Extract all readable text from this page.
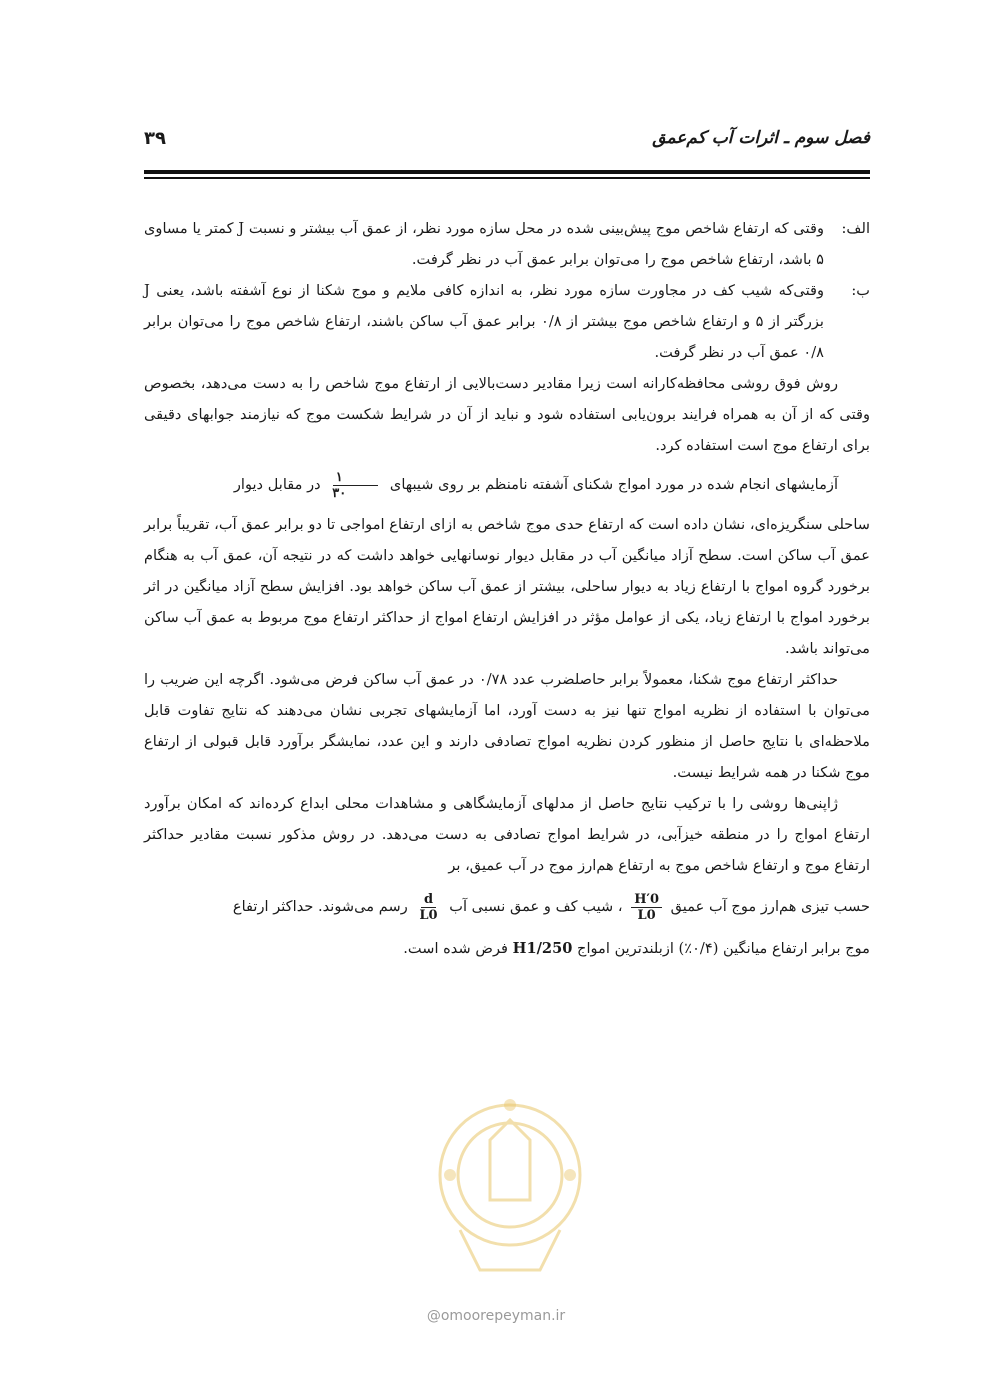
فصل سوم ـ اثرات آب کم‌عمق
۳۹
الف:
وقتی که ارتفاع شاخص موج پیش‌بینی شده در محل سازه مورد نظر، از عمق آب بیشتر و نسبت J کمتر یا مساوی ۵ باشد، ارتفاع شاخص موج را می‌توان برابر عمق آب در نظر گرفت.
ب:
وقتی‌که شیب کف در مجاورت سازه مورد نظر، به اندازه کافی ملایم و موج شکنا از نوع آشفته باشد، یعنی J بزرگتر از ۵ و ارتفاع شاخص موج بیشتر از ۰/۸ برابر عمق آب ساکن باشند، ارتفاع شاخص موج را می‌توان برابر ۰/۸ عمق آب در نظر گرفت.

روش فوق روشی محافظه‌کارانه است زیرا مقادیر دست‌بالایی از ارتفاع موج شاخص را به دست می‌دهد، بخصوص وقتی که از آن به همراه فرایند برون‌یابی استفاده شود و نباید از آن در شرایط شکست موج که نیازمند جوابهای دقیقی برای ارتفاع موج است استفاده کرد.

آزمایشهای انجام شده در مورد امواج شکنای آشفته نامنظم بر روی شیبهای
$\frac{۱}{۳۰}$
در مقابل دیوار

ساحلی سنگریزه‌ای، نشان داده است که ارتفاع حدی موج شاخص به ازای ارتفاع امواجی تا دو برابر عمق آب، تقریباً برابر عمق آب ساکن است. سطح آزاد میانگین آب در مقابل دیوار نوسانهایی خواهد داشت که در نتیجه آن، عمق آب به هنگام برخورد گروه امواج با ارتفاع زیاد به دیوار ساحلی، بیشتر از عمق آب ساکن خواهد بود. افزایش سطح آزاد میانگین در اثر برخورد امواج با ارتفاع زیاد، یکی از عوامل مؤثر در افزایش ارتفاع امواج از حداکثر ارتفاع موج مربوط به عمق آب ساکن می‌تواند باشد.

حداکثر ارتفاع موج شکنا، معمولاً برابر حاصلضرب عدد ۰/۷۸ در عمق آب ساکن فرض می‌شود. اگرچه این ضریب را می‌توان با استفاده از نظریه امواج تنها نیز به دست آورد، اما آزمایشهای تجربی نشان می‌دهند که نتایج تفاوت قابل ملاحظه‌ای با نتایج حاصل از منظور کردن نظریه امواج تصادفی دارند و این عدد، نمایشگر برآورد قابل قبولی از ارتفاع موج شکنا در همه شرایط نیست.

ژاپنی‌ها روشی را با ترکیب نتایج حاصل از مدلهای آزمایشگاهی و مشاهدات محلی ابداع کرده‌اند که امکان برآورد ارتفاع امواج را در منطقه خیزآبی، در شرایط امواج تصادفی به دست می‌دهد. در روش مذکور نسبت مقادیر حداکثر ارتفاع موج و ارتفاع شاخص موج به ارتفاع هم‌ارز موج در آب عمیق، بر

حسب تیزی هم‌ارز موج آب عمیق
$\frac{H'0}{L0}$
، شیب کف و عمق نسبی آب
$\frac{d}{L0}$
رسم می‌شوند. حداکثر ارتفاع

موج برابر ارتفاع میانگین (۰/۴٪) ازبلندترین امواج H1/250 فرض شده است.

@omoorepeyman.ir
